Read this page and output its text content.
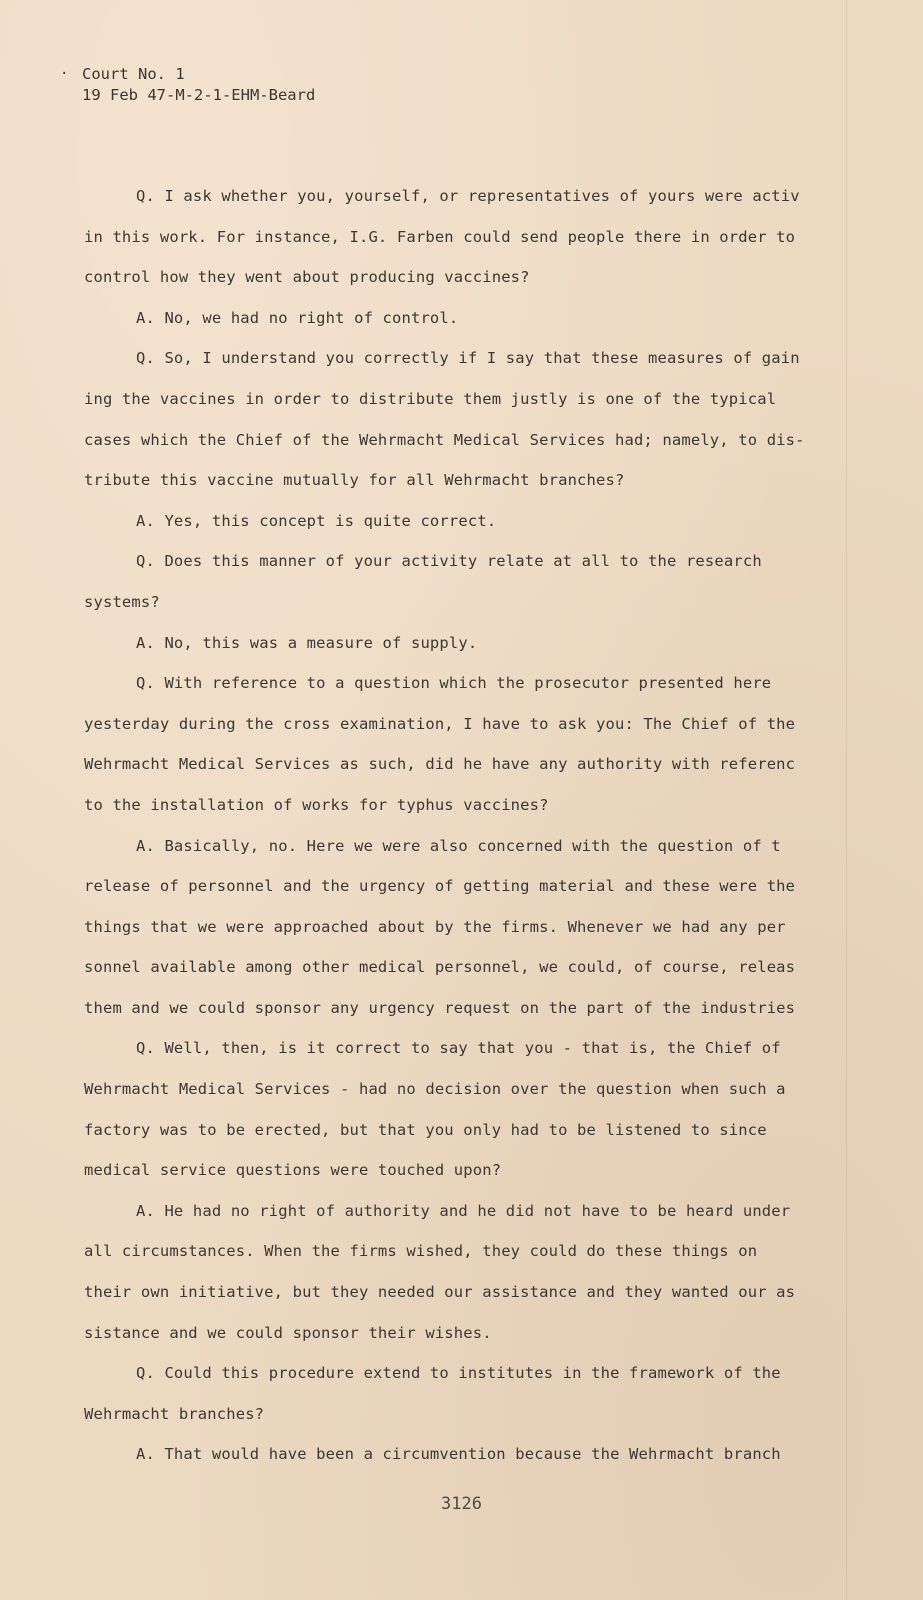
· Court No. 1
19 Feb 47-M-2-1-EHM-Beard

Q. I ask whether you, yourself, or representatives of yours were activ

in this work. For instance, I.G. Farben could send people there in order to

control how they went about producing vaccines?

A. No, we had no right of control.

Q. So, I understand you correctly if I say that these measures of gain

ing the vaccines in order to distribute them justly is one of the typical

cases which the Chief of the Wehrmacht Medical Services had; namely, to dis-

tribute this vaccine mutually for all Wehrmacht branches?

A. Yes, this concept is quite correct.

Q. Does this manner of your activity relate at all to the research

systems?

A. No, this was a measure of supply.

Q. With reference to a question which the prosecutor presented here

yesterday during the cross examination, I have to ask you: The Chief of the

Wehrmacht Medical Services as such, did he have any authority with referenc

to the installation of works for typhus vaccines?

A. Basically, no. Here we were also concerned with the question of t

release of personnel and the urgency of getting material and these were the

things that we were approached about by the firms. Whenever we had any per

sonnel available among other medical personnel, we could, of course, releas

them and we could sponsor any urgency request on the part of the industries

Q. Well, then, is it correct to say that you - that is, the Chief of

Wehrmacht Medical Services - had no decision over the question when such a

factory was to be erected, but that you only had to be listened to since

medical service questions were touched upon?

A. He had no right of authority and he did not have to be heard under

all circumstances. When the firms wished, they could do these things on

their own initiative, but they needed our assistance and they wanted our as

sistance and we could sponsor their wishes.

Q. Could this procedure extend to institutes in the framework of the

Wehrmacht branches?

A. That would have been a circumvention because the Wehrmacht branch

3126
